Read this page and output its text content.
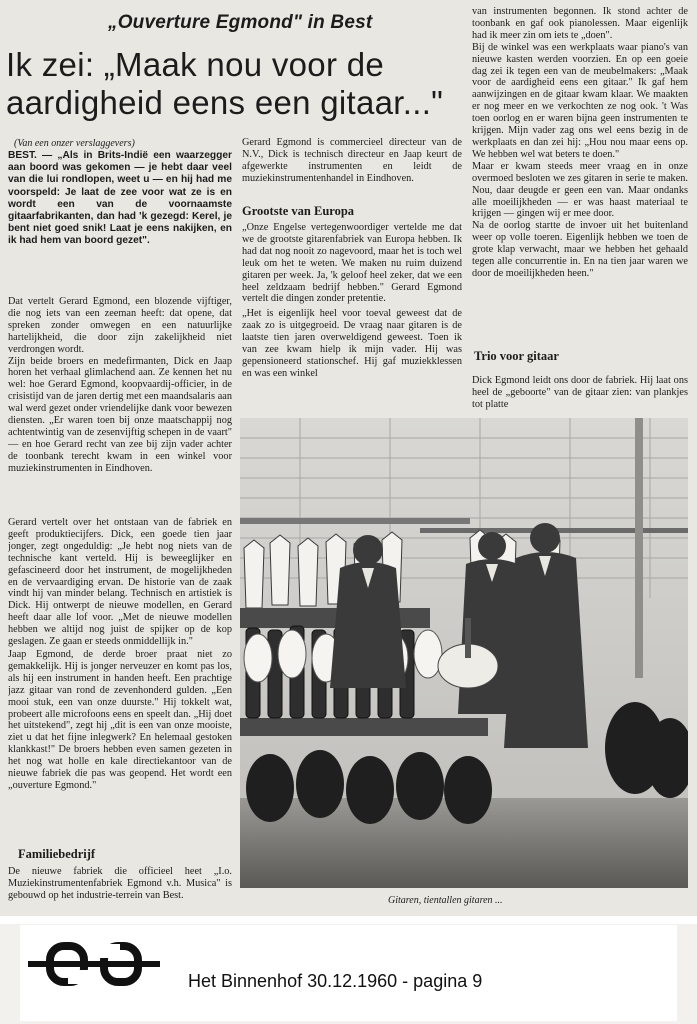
„Ouverture Egmond" in Best

Ik zei: „Maak nou voor de aardigheid eens een gitaar..."

(Van een onzer verslaggevers)

BEST. — „Als in Brits-Indië een waarzegger aan boord was gekomen — je hebt daar veel van die lui rondlopen, weet u — en hij had me voorspeld: Je laat de zee voor wat ze is en wordt een van de voornaamste gitaarfabrikanten, dan had 'k gezegd: Kerel, je bent niet goed snik! Laat je eens nakijken, en ik had hem van boord gezet".

Dat vertelt Gerard Egmond, een blozende vijftiger, die nog iets van een zeeman heeft: dat opene, dat spreken zonder omwegen en een natuurlijke hartelijkheid, die door zijn zakelijkheid niet verdrongen wordt.
Zijn beide broers en medefirmanten, Dick en Jaap horen het verhaal glimlachend aan. Ze kennen het nu wel: hoe Gerard Egmond, koopvaardij-officier, in de crisistijd van de jaren dertig met een maandsalaris aan wal werd gezet onder vriendelijke dank voor bewezen diensten. „Er waren toen bij onze maatschappij nog achtentwintig van de zesenvijftig schepen in de vaart" — en hoe Gerard recht van zee bij zijn vader achter de toonbank terecht kwam in een winkel voor muziekinstrumenten in Eindhoven.

Gerard vertelt over het ontstaan van de fabriek en geeft produktiecijfers. Dick, een goede tien jaar jonger, zegt ongeduldig: „Je hebt nog niets van de technische kant verteld. Hij is beweeglijker en gefascineerd door het instrument, de mogelijkheden en de vervaardiging ervan. De historie van de zaak vindt hij van minder belang. Technisch en artistiek is Dick. Hij ontwerpt de nieuwe modellen, en Gerard heeft daar alle lof voor. „Met de nieuwe modellen hebben we altijd nog juist de spijker op de kop geslagen. Ze gaan er steeds onmiddellijk in."

Jaap Egmond, de derde broer praat niet zo gemakkelijk. Hij is jonger nerveuzer en komt pas los, als hij een instrument in handen heeft. Een prachtige jazz gitaar van rond de zevenhonderd gulden. „Een mooi stuk, een van onze duurste." Hij tokkelt wat, probeert alle microfoons eens en speelt dan. „Hij doet het uitstekend", zegt hij „dit is een van onze mooiste, ziet u dat het fijne inlegwerk? En helemaal gestoken klankkast!" De broers hebben even samen gezeten in het nog wat holle en kale directiekantoor van de nieuwe fabriek die pas was geopend. Het wordt een „ouverture Egmond."

Familiebedrijf

De nieuwe fabriek die officieel heet „I.o. Muziekinstrumentenfabriek Egmond v.h. Musica" is gebouwd op het industrie-terrein van Best.

Gerard Egmond is commercieel directeur van de N.V., Dick is technisch directeur en Jaap keurt de afgewerkte instrumenten en leidt de muziekinstrumentenhandel in Eindhoven.

Grootste van Europa

„Onze Engelse vertegenwoordiger vertelde me dat we de grootste gitarenfabriek van Europa hebben. Ik had dat nog nooit zo nagevoord, maar het is toch wel leuk om het te weten. We maken nu ruim duizend gitaren per week. Ja, 'k geloof heel zeker, dat we een heel zeldzaam bedrijf hebben." Gerard Egmond vertelt die dingen zonder pretentie.

„Het is eigenlijk heel voor toeval geweest dat de zaak zo is uitgegroeid. De vraag naar gitaren is de laatste tien jaren overweldigend geweest. Toen ik van zee kwam hielp ik mijn vader. Hij was gepensioneerd stationschef. Hij gaf muziekklessen en was een winkel

van instrumenten begonnen. Ik stond achter de toonbank en gaf ook pianolessen. Maar eigenlijk had ik meer zin om iets te „doen".
Bij de winkel was een werkplaats waar piano's van nieuwe kasten werden voorzien. En op een goeie dag zei ik tegen een van de meubelmakers: „Maak voor de aardigheid eens een gitaar." Ik gaf hem aanwijzingen en de gitaar kwam klaar. We maakten er nog meer en we verkochten ze nog ook. 't Was toen oorlog en er waren bijna geen instrumenten te krijgen. Mijn vader zag ons wel eens bezig in de werkplaats en dan zei hij: „Hou nou maar eens op. We hebben wel wat beters te doen."
Maar er kwam steeds meer vraag en in onze overmoed besloten we zes gitaren in serie te maken. Nou, daar deugde er geen een van. Maar ondanks alle moeilijkheden — er was haast materiaal te krijgen — gingen wij er mee door.
Na de oorlog startte de invoer uit het buitenland weer op volle toeren. Eigenlijk hebben we toen de grote klap verwacht, maar we hebben het gehaald tegen alle concurrentie in. En na tien jaar waren we door de moeilijkheden heen."

Trio voor gitaar

Dick Egmond leidt ons door de fabriek. Hij laat ons heel de „geboorte" van de gitaar zien: van plankjes tot platte

Gitaren, tientallen gitaren ...

Het Binnenhof 30.12.1960 - pagina 9
